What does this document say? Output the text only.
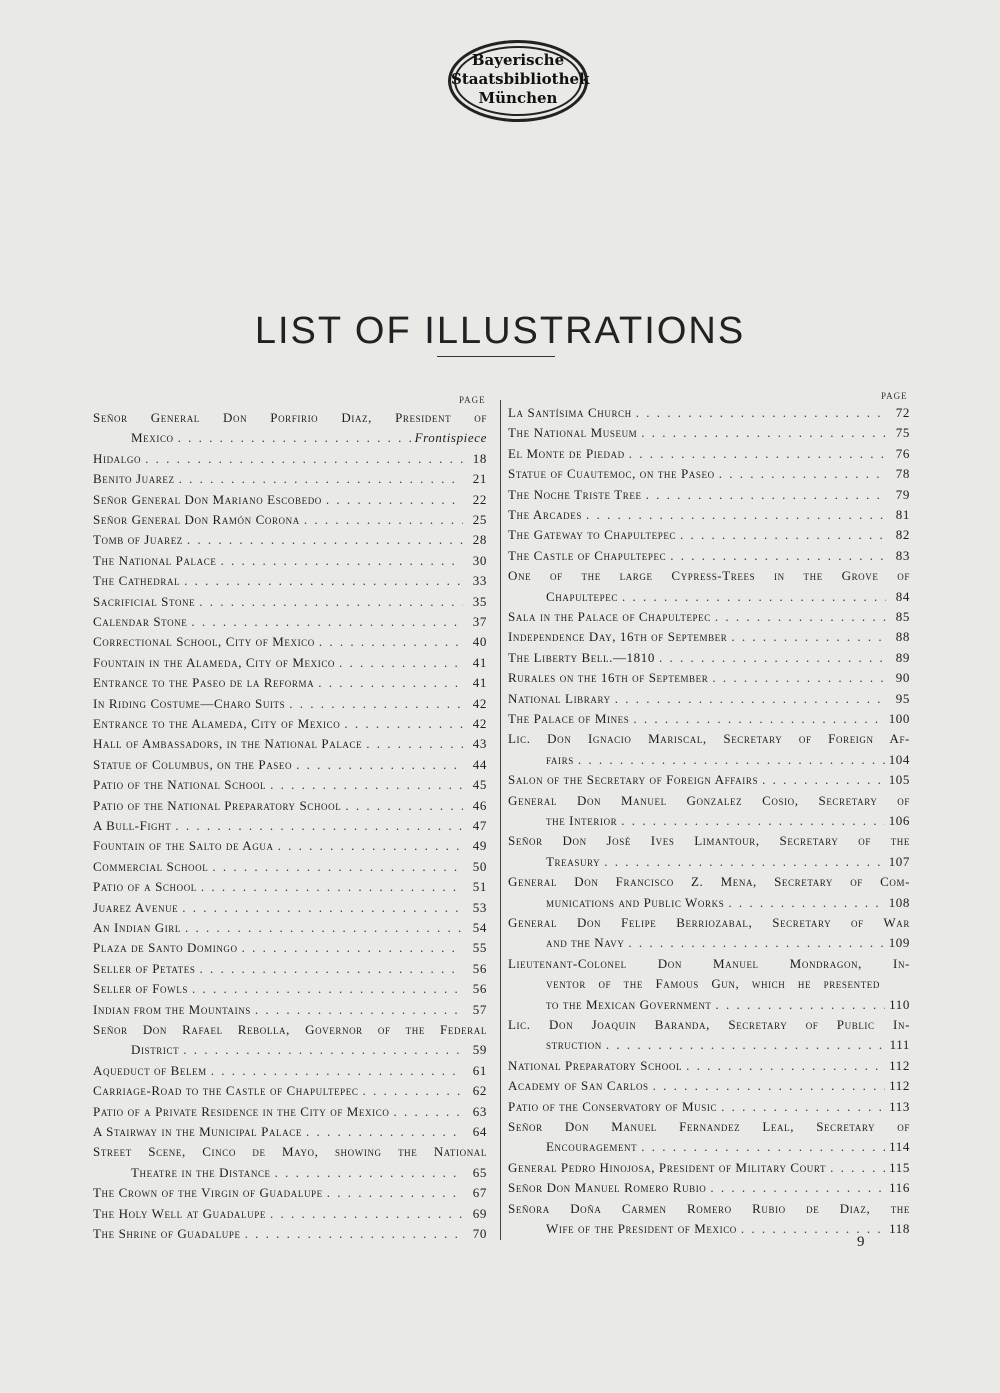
Bayerische
Staatsbibliothek
München
LIST OF ILLUSTRATIONS
PAGE	PAGE
Señor General Don Porfirio Diaz, President of
Mexico . . .	Frontispiece
Hidalgo . . .	18
Benito Juarez . . .	21
Señor General Don Mariano Escobedo . . .	22
Señor General Don Ramón Corona . . .	25
Tomb of Juarez . . .	28
The National Palace . . .	30
The Cathedral . . .	33
Sacrificial Stone . . .	35
Calendar Stone . . .	37
Correctional School, City of Mexico . . .	40
Fountain in the Alameda, City of Mexico . . .	41
Entrance to the Paseo de la Reforma . . .	41
In Riding Costume—Charo Suits . . .	42
Entrance to the Alameda, City of Mexico . . .	42
Hall of Ambassadors, in the National Palace . . .	43
Statue of Columbus, on the Paseo . . .	44
Patio of the National School . . .	45
Patio of the National Preparatory School . . .	46
A Bull-Fight . . .	47
Fountain of the Salto de Agua . . .	49
Commercial School . . .	50
Patio of a School . . .	51
Juarez Avenue . . .	53
An Indian Girl . . .	54
Plaza de Santo Domingo . . .	55
Seller of Petates . . .	56
Seller of Fowls . . .	56
Indian from the Mountains . . .	57
Señor Don Rafael Rebolla, Governor of the Federal
District . . .	59
Aqueduct of Belem . . .	61
Carriage-Road to the Castle of Chapultepec . . .	62
Patio of a Private Residence in the City of Mexico . . .	63
A Stairway in the Municipal Palace . . .	64
Street Scene, Cinco de Mayo, showing the National
Theatre in the Distance . . .	65
The Crown of the Virgin of Guadalupe . . .	67
The Holy Well at Guadalupe . . .	69
The Shrine of Guadalupe . . .	70
La Santísima Church . . .	72
The National Museum . . .	75
El Monte de Piedad . . .	76
Statue of Cuautemoc, on the Paseo . . .	78
The Noche Triste Tree . . .	79
The Arcades . . .	81
The Gateway to Chapultepec . . .	82
The Castle of Chapultepec . . .	83
One of the large Cypress-Trees in the Grove of
Chapultepec . . .	84
Sala in the Palace of Chapultepec . . .	85
Independence Day, 16th of September . . .	88
The Liberty Bell.—1810 . . .	89
Rurales on the 16th of September . . .	90
National Library . . .	95
The Palace of Mines . . .	100
Lic. Don Ignacio Mariscal, Secretary of Foreign Af-
fairs . . .	104
Salon of the Secretary of Foreign Affairs . . .	105
General Don Manuel Gonzalez Cosio, Secretary of
the Interior . . .	106
Señor Don José Ives Limantour, Secretary of the
Treasury . . .	107
General Don Francisco Z. Mena, Secretary of Com-
munications and Public Works . . .	108
General Don Felipe Berriozabal, Secretary of War
and the Navy . . .	109
Lieutenant-Colonel Don Manuel Mondragon, In-
ventor of the Famous Gun, which he presented
to the Mexican Government . . .	110
Lic. Don Joaquin Baranda, Secretary of Public In-
struction . . .	111
National Preparatory School . . .	112
Academy of San Carlos . . .	112
Patio of the Conservatory of Music . . .	113
Señor Don Manuel Fernandez Leal, Secretary of
Encouragement . . .	114
General Pedro Hinojosa, President of Military Court . . .	115
Señor Don Manuel Romero Rubio . . .	116
Señora Doña Carmen Romero Rubio de Diaz, the
Wife of the President of Mexico . . .	118
9
